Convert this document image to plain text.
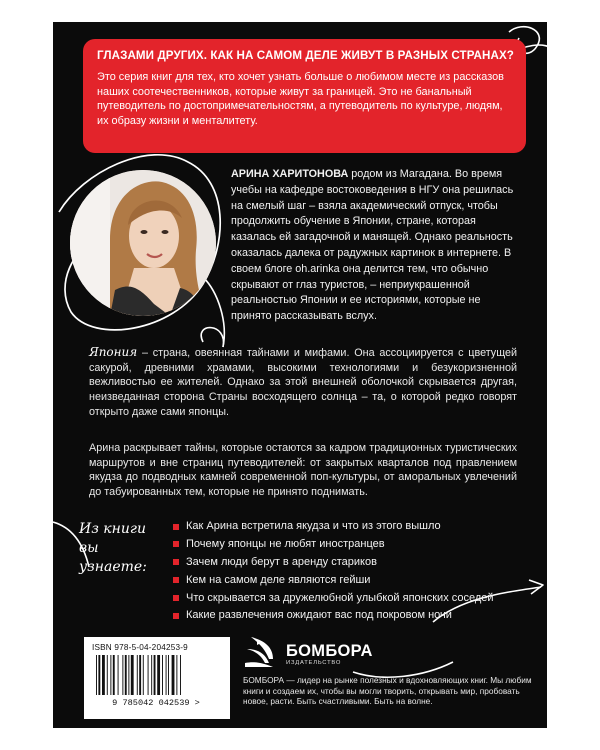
ГЛАЗАМИ ДРУГИХ. КАК НА САМОМ ДЕЛЕ ЖИВУТ В РАЗНЫХ СТРАНАХ?

Это серия книг для тех, кто хочет узнать больше о любимом месте из рассказов наших соотечественников, которые живут за границей. Это не банальный путеводитель по достопримечательностям, а путеводитель по культуре, людям, их образу жизни и менталитету.

АРИНА ХАРИТОНОВА родом из Магадана. Во время учебы на кафедре востоковедения в НГУ она решилась на смелый шаг – взяла академический отпуск, чтобы продолжить обучение в Японии, стране, которая казалась ей загадочной и манящей. Однако реальность оказалась далека от радужных картинок в интернете. В своем блоге oh.arinka она делится тем, что обычно скрывают от глаз туристов, – неприукрашенной реальностью Японии и ее историями, которые не принято рассказывать вслух.

Япония – страна, овеянная тайнами и мифами. Она ассоциируется с цветущей сакурой, древними храмами, высокими технологиями и безукоризненной вежливостью ее жителей. Однако за этой внешней оболочкой скрывается другая, неизведанная сторона Страны восходящего солнца – та, о которой редко говорят открыто даже сами японцы.

Арина раскрывает тайны, которые остаются за кадром традиционных туристических маршрутов и вне страниц путеводителей: от закрытых кварталов под правлением якудза до подводных камней современной поп-культуры, от аморальных увлечений до табуированных тем, которые не принято поднимать.

Из книги
вы узнаете:
Как Арина встретила якудза и что из этого вышло
Почему японцы не любят иностранцев
Зачем люди берут в аренду стариков
Кем на самом деле являются гейши
Что скрывается за дружелюбной улыбкой японских соседей
Какие развлечения ожидают вас под покровом ночи

ISBN 978-5-04-204253-9

9 785042 042539 >
БОМБОРА
ИЗДАТЕЛЬСТВО

БОМБОРА — лидер на рынке полезных и вдохновляющих книг. Мы любим книги и создаем их, чтобы вы могли творить, открывать мир, пробовать новое, расти. Быть счастливыми. Быть на волне.
